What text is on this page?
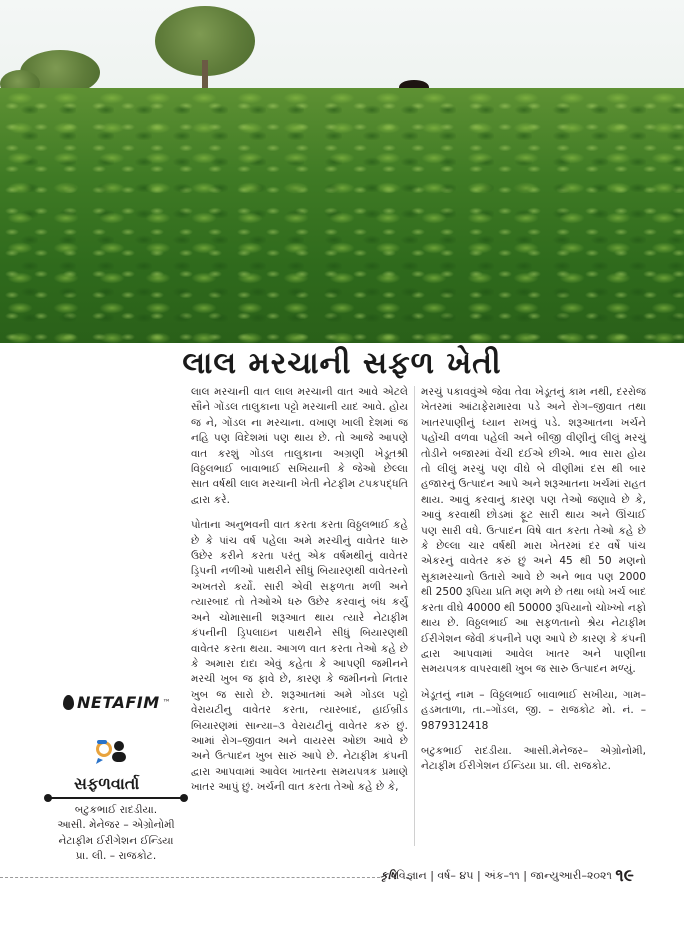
લાલ મરચાની સફળ ખેતી

લાલ મરચાની વાત લાલ મરચાની વાત આવે એટલે સૌને ગોંડલ તાલુકાના પટ્ટો મરચાની યાદ આવે. હોય જ ને, ગોંડલ ના મરચાના. વખાણ ખાલી દેશમાં જ નહિ પણ વિદેશમાં પણ થાય છે. તો આજે આપણે વાત કરશું ગોંડલ તાલુકાના અગ્રણી ખેડૂતશ્રી વિઠ્ઠલભાઈ બાવાભાઈ સખિયાની કે જેઓ છેલ્લા સાત વર્ષથી લાલ મરચાની ખેતી નેટફીમ ટપકપદ્ધતિ દ્વારા કરે.

પોતાના અનુભવની વાત કરતા કરતા વિઠ્ઠલભાઈ કહે છે કે પાંચ વર્ષ પહેલા અમે મરચીનું વાવેતર ધારુ ઉછેર કરીને કરતા પરંતુ એક વર્ષમથીનું વાવેતર ડ્રિપની નળીઓ પાથરીને સીધું બિયારણથી વાવેતરનો અખતરો કર્યો. સારી એવી સફળતા મળી અને ત્યારબાદ તો તેઓએ ધરુ ઉછેર કરવાનું બંધ કર્યું અને ચોમાસાની શરૂઆત થાય ત્યારે નેટાફીમ કંપનીની ડ્રિપલાઇન પાથરીને સીધું બિયારણથી વાવેતર કરતા થયા. આગળ વાત કરતા તેઓ કહે છે કે અમારા દાદા એવું કહેતા કે આપણી જમીનને મરચી ખુબ જ ફાવે છે, કારણ કે જમીનનો નિતાર ખુબ જ સારો છે. શરૂઆતમાં અમે ગોંડલ પટ્ટો વેરાયટીનુ વાવેતર કરતા, ત્યારબાદ, હાઈબ્રીડ બિયારણમાં સાન્યા–૩ વેરાયટીનું વાવેતર કરું છું. આમાં રોગ–જીવાત અને વાયરસ ઓછા આવે છે અને ઉત્પાદન ખુબ સારું આપે છે. નેટાફીમ કંપની દ્વારા આપવામાં આવેલ ખાતરના સમયપત્રક પ્રમાણે ખાતર આપું છું. ખર્ચની વાત કરતા તેઓ કહે છે કે,

મરચું પકાવવુંએ જેવા તેવા ખેડૂતનું કામ નથી, દરરોજ ખેતરમાં આંટાફેરામારવા પડે અને રોગ–જીવાત તથા ખાતરપાણીનું ધ્યાન રાખવું પડે. શરૂઆતના ખર્ચને પહોંચી વળવા પહેલી અને બીજી વીણીનું લીલું મરચું તોડીને બજારમાં વેંચી દઈએ છીએ. ભાવ સારા હોય તો લીલું મરચું પણ વીઘે બે વીણીમાં દસ થી બાર હજારનું ઉત્પાદન આપે અને શરૂઆતના ખર્ચમાં રાહત થાય. આવું કરવાનું કારણ પણ તેઓ જણાવે છે કે, આવું કરવાથી છોડમાં ફૂટ સારી થાય અને ઊંચાઈ પણ સારી વધે. ઉત્પાદન વિષે વાત કરતા તેઓ કહે છે કે છેલ્લા ચાર વર્ષથી મારા ખેતરમાં દર વર્ષે પાંચ એકરનું વાવેતર કરું છું અને 45 થી 50 મણનો સૂકામરચાનો ઉતારો આવે છે અને ભાવ પણ 2000 થી 2500 રૂપિયા પ્રતિ મણ મળે છે તથા બધો ખર્ચ બાદ કરતા વીઘે 40000 થી 50000 રૂપિયાનો ચોખ્ખો નફો થાય છે. વિઠ્ઠલભાઈ આ સફળતાનો શ્રેય નેટાફીમ ઈરીગેશન જેવી કંપનીને પણ આપે છે કારણ કે કંપની દ્વારા આપવામાં આવેલ ખાતર અને પાણીના સમયપત્રક વાપરવાથી ખુબ જ સારુ ઉત્પાદન મળ્યું.

ખેડૂતનું નામ – વિઠ્ઠલભાઈ બાવાભાઈ સખીયા, ગામ–હડમતાળા, તા.–ગોંડલ, જી. – રાજકોટ મો. નં. – 9879312418

બટુકભાઈ રાદડીયા. આસી.મેનેજર– એગ્રોનોમી, નેટાફીમ ઈરીગેશન ઈન્ડિયા પ્રા. લી. રાજકોટ.

NETAFIM ™
સફળવાર્તા
બટુકભાઈ રાદડીયા.
આસી. મેનેજર – એગ્રોનોમી
નેટાફીમ ઈરીગેશન ઈન્ડિયા
પ્રા. લી. – રાજકોટ.
કૃષિવિજ્ઞાન | વર્ષ– ૪૫ | અંક–૧૧ | જાન્યુઆરી–૨૦૨૧ ૧૯
